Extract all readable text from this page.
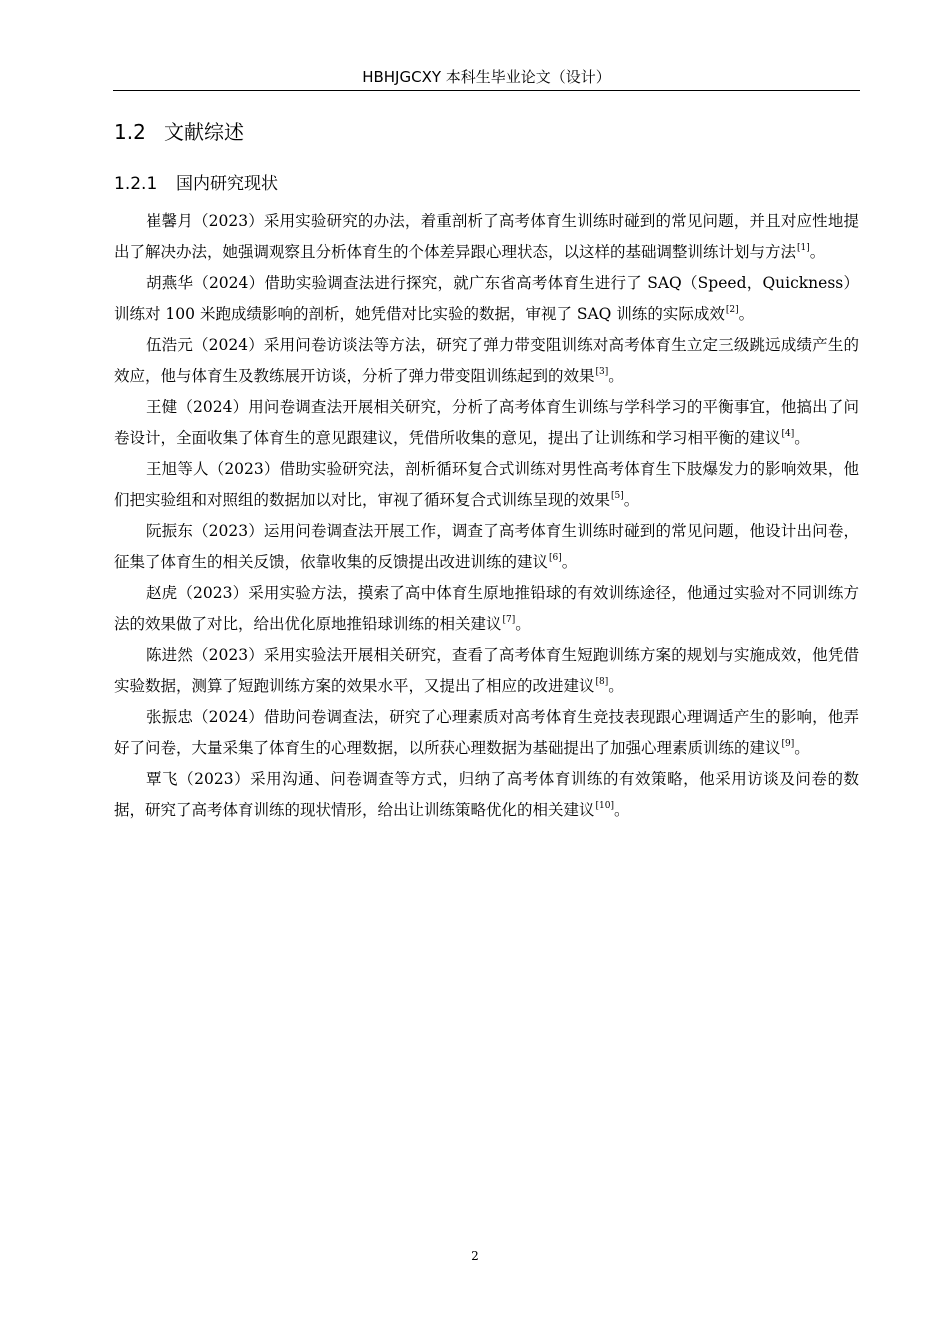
HBHJGCXY 本科生毕业论文（设计）
1.2 文献综述
1.2.1 国内研究现状

崔馨月（2023）采用实验研究的办法，着重剖析了高考体育生训练时碰到的常见问题，并且对应性地提出了解决办法，她强调观察且分析体育生的个体差异跟心理状态，以这样的基础调整训练计划与方法[1]。

胡燕华（2024）借助实验调查法进行探究，就广东省高考体育生进行了 SAQ（Speed，Quickness）训练对 100 米跑成绩影响的剖析，她凭借对比实验的数据，审视了 SAQ 训练的实际成效[2]。

伍浩元（2024）采用问卷访谈法等方法，研究了弹力带变阻训练对高考体育生立定三级跳远成绩产生的效应，他与体育生及教练展开访谈，分析了弹力带变阻训练起到的效果[3]。

王健（2024）用问卷调查法开展相关研究，分析了高考体育生训练与学科学习的平衡事宜，他搞出了问卷设计，全面收集了体育生的意见跟建议，凭借所收集的意见，提出了让训练和学习相平衡的建议[4]。

王旭等人（2023）借助实验研究法，剖析循环复合式训练对男性高考体育生下肢爆发力的影响效果，他们把实验组和对照组的数据加以对比，审视了循环复合式训练呈现的效果[5]。

阮振东（2023）运用问卷调查法开展工作，调查了高考体育生训练时碰到的常见问题，他设计出问卷，征集了体育生的相关反馈，依靠收集的反馈提出改进训练的建议[6]。

赵虎（2023）采用实验方法，摸索了高中体育生原地推铅球的有效训练途径，他通过实验对不同训练方法的效果做了对比，给出优化原地推铅球训练的相关建议[7]。

陈进然（2023）采用实验法开展相关研究，查看了高考体育生短跑训练方案的规划与实施成效，他凭借实验数据，测算了短跑训练方案的效果水平，又提出了相应的改进建议[8]。

张振忠（2024）借助问卷调查法，研究了心理素质对高考体育生竞技表现跟心理调适产生的影响，他弄好了问卷，大量采集了体育生的心理数据，以所获心理数据为基础提出了加强心理素质训练的建议[9]。

覃飞（2023）采用沟通、问卷调查等方式，归纳了高考体育训练的有效策略，他采用访谈及问卷的数据，研究了高考体育训练的现状情形，给出让训练策略优化的相关建议[10]。

2
